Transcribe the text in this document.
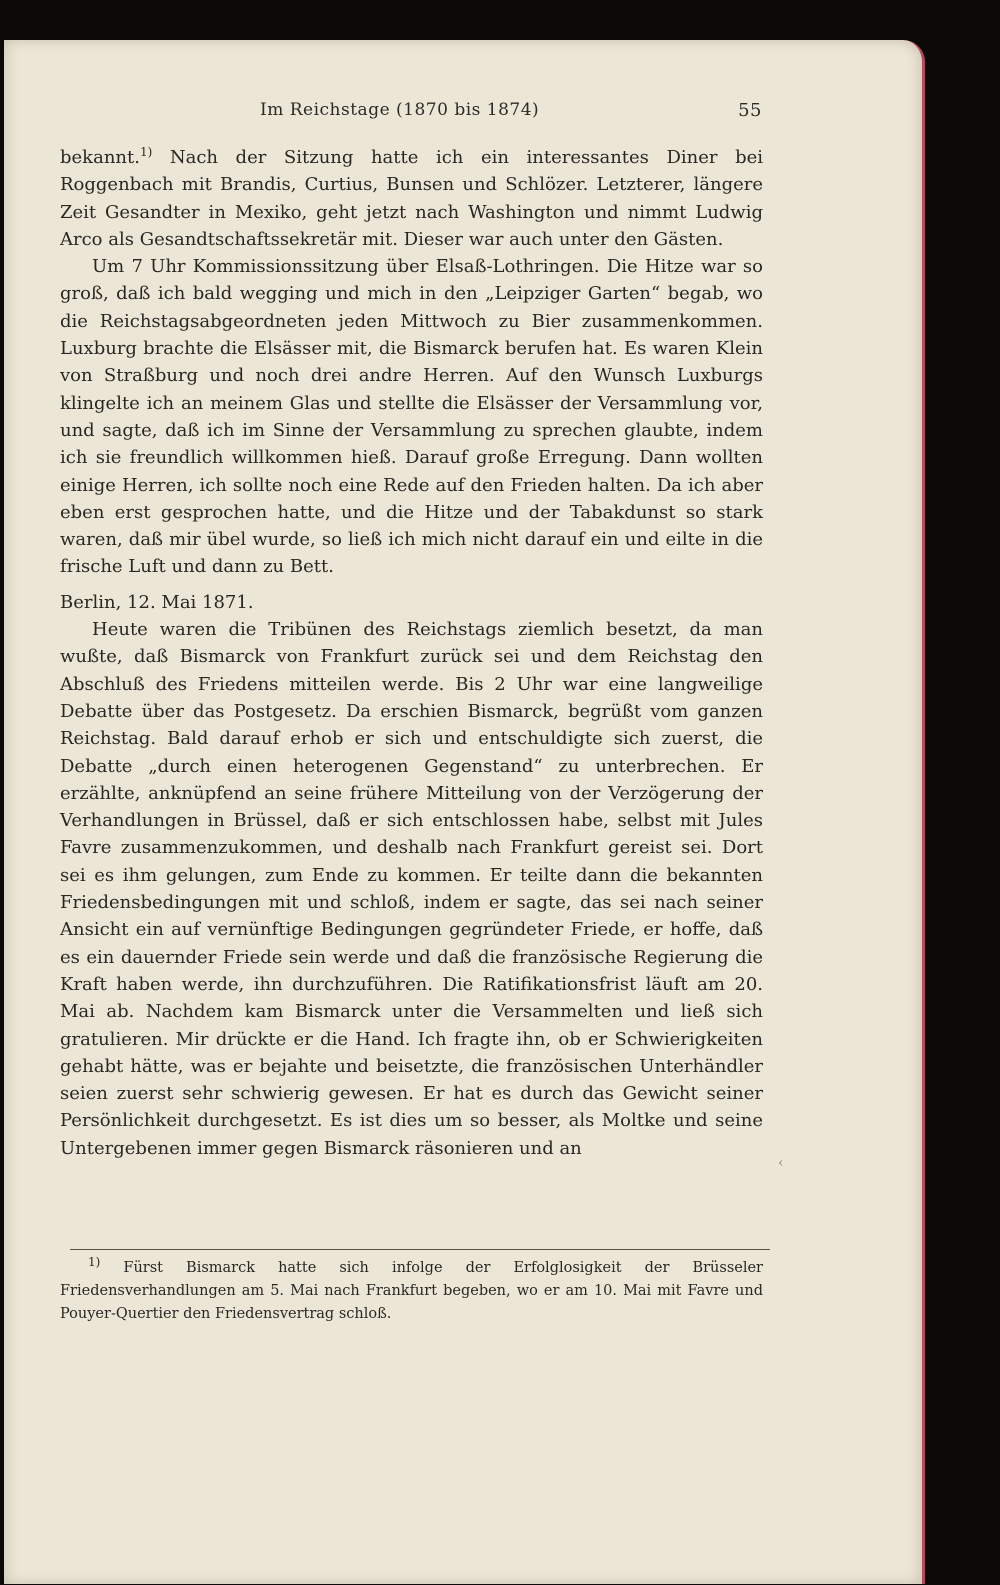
Im Reichstage (1870 bis 1874)	55

bekannt.$^{1)}$ Nach der Sitzung hatte ich ein interessantes Diner bei Roggenbach mit Brandis, Curtius, Bunsen und Schlözer. Letzterer, längere Zeit Gesandter in Mexiko, geht jetzt nach Washington und nimmt Ludwig Arco als Gesandtschaftssekretär mit. Dieser war auch unter den Gästen.

Um 7 Uhr Kommissionssitzung über Elsaß-Lothringen. Die Hitze war so groß, daß ich bald wegging und mich in den „Leipziger Garten“ begab, wo die Reichstagsabgeordneten jeden Mittwoch zu Bier zusammenkommen. Luxburg brachte die Elsässer mit, die Bismarck berufen hat. Es waren Klein von Straßburg und noch drei andre Herren. Auf den Wunsch Luxburgs klingelte ich an meinem Glas und stellte die Elsässer der Versammlung vor, und sagte, daß ich im Sinne der Versammlung zu sprechen glaubte, indem ich sie freundlich willkommen hieß. Darauf große Erregung. Dann wollten einige Herren, ich sollte noch eine Rede auf den Frieden halten. Da ich aber eben erst gesprochen hatte, und die Hitze und der Tabakdunst so stark waren, daß mir übel wurde, so ließ ich mich nicht darauf ein und eilte in die frische Luft und dann zu Bett.

Berlin, 12. Mai 1871.

Heute waren die Tribünen des Reichstags ziemlich besetzt, da man wußte, daß Bismarck von Frankfurt zurück sei und dem Reichstag den Abschluß des Friedens mitteilen werde. Bis 2 Uhr war eine langweilige Debatte über das Postgesetz. Da erschien Bismarck, begrüßt vom ganzen Reichstag. Bald darauf erhob er sich und entschuldigte sich zuerst, die Debatte „durch einen heterogenen Gegenstand“ zu unterbrechen. Er erzählte, anknüpfend an seine frühere Mitteilung von der Verzögerung der Verhandlungen in Brüssel, daß er sich entschlossen habe, selbst mit Jules Favre zusammenzukommen, und deshalb nach Frankfurt gereist sei. Dort sei es ihm gelungen, zum Ende zu kommen. Er teilte dann die bekannten Friedensbedingungen mit und schloß, indem er sagte, das sei nach seiner Ansicht ein auf vernünftige Bedingungen gegründeter Friede, er hoffe, daß es ein dauernder Friede sein werde und daß die französische Regierung die Kraft haben werde, ihn durchzuführen. Die Ratifikationsfrist läuft am 20. Mai ab. Nachdem kam Bismarck unter die Versammelten und ließ sich gratulieren. Mir drückte er die Hand. Ich fragte ihn, ob er Schwierigkeiten gehabt hätte, was er bejahte und beisetzte, die französischen Unterhändler seien zuerst sehr schwierig gewesen. Er hat es durch das Gewicht seiner Persönlichkeit durchgesetzt. Es ist dies um so besser, als Moltke und seine Untergebenen immer gegen Bismarck räsonieren und an

‹

$^{1)}$ Fürst Bismarck hatte sich infolge der Erfolglosigkeit der Brüsseler Friedensverhandlungen am 5. Mai nach Frankfurt begeben, wo er am 10. Mai mit Favre und Pouyer-Quertier den Friedensvertrag schloß.
